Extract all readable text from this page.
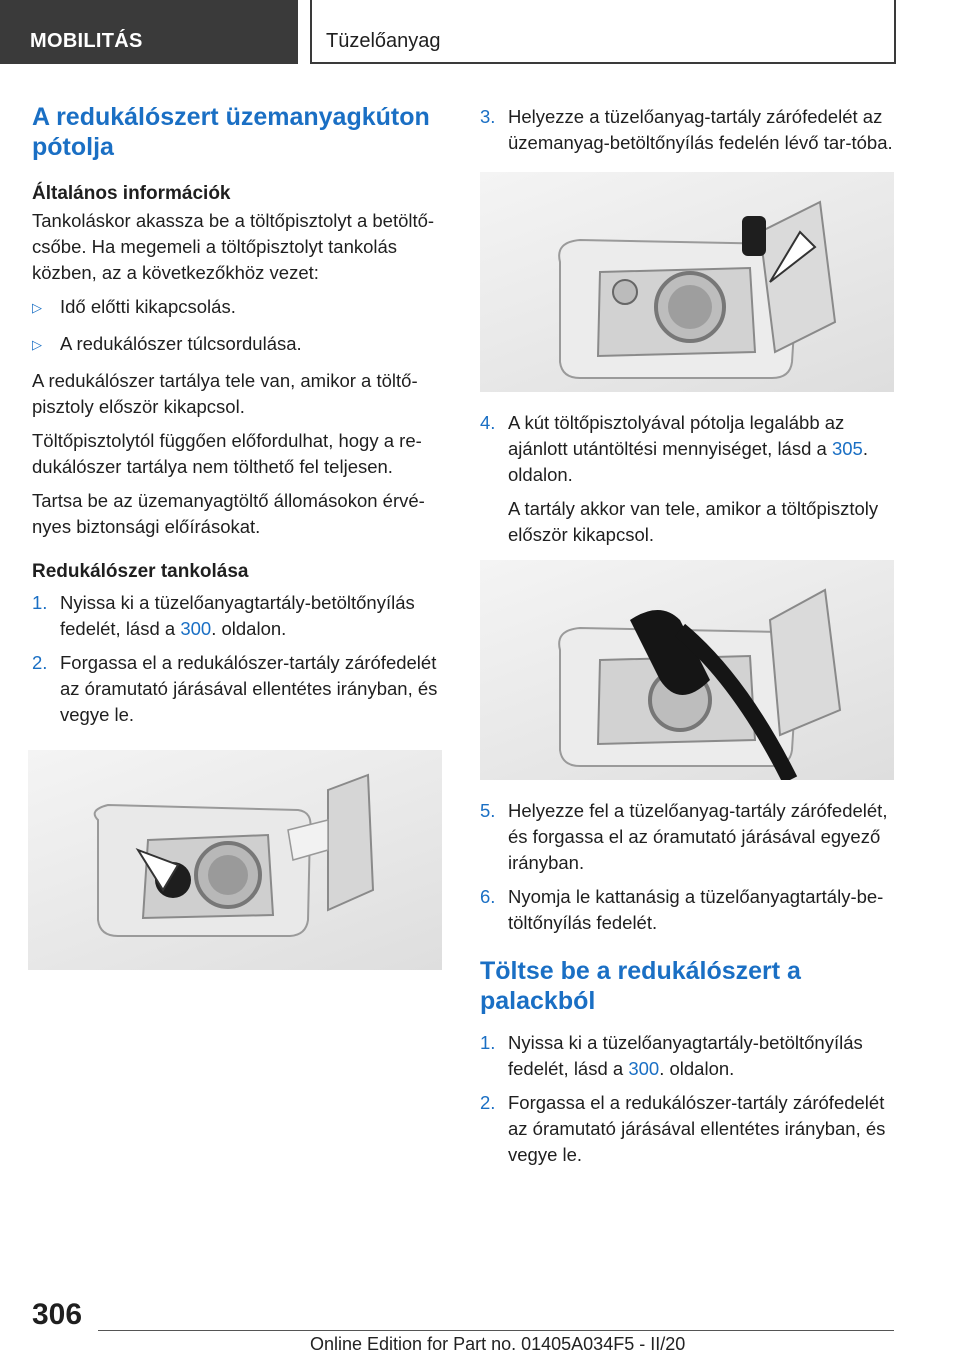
MOBILITÁS	Tüzelőanyag
A redukálószert üzemanyagkúton pótolja
Általános információk

Tankoláskor akassza be a töltőpisztolyt a betöltő-csőbe. Ha megemeli a töltőpisztolyt tankolás közben, az a következőkhöz vezet:

▷ Idő előtti kikapcsolás.
▷ A redukálószer túlcsordulása.

A redukálószer tartálya tele van, amikor a töltő-pisztoly először kikapcsol.

Töltőpisztolytól függően előfordulhat, hogy a re-dukálószer tartálya nem tölthető fel teljesen.

Tartsa be az üzemanyagtöltő állomásokon érvé-nyes biztonsági előírásokat.

Redukálószer tankolása
1. Nyissa ki a tüzelőanyagtartály-betöltőnyílás fedelét, lásd a 300. oldalon.
2. Forgassa el a redukálószer-tartály zárófedelét az óramutató járásával ellentétes irányban, és vegye le.
3. Helyezze a tüzelőanyag-tartály zárófedelét az üzemanyag-betöltőnyílás fedelén lévő tar-tóba.
4. A kút töltőpisztolyával pótolja legalább az ajánlott utántöltési mennyiséget, lásd a 305. oldalon.
A tartály akkor van tele, amikor a töltőpisztoly először kikapcsol.
5. Helyezze fel a tüzelőanyag-tartály zárófedelét, és forgassa el az óramutató járásával egyező irányban.
6. Nyomja le kattanásig a tüzelőanyagtartály-be-töltőnyílás fedelét.
Töltse be a redukálószert a palackból
1. Nyissa ki a tüzelőanyagtartály-betöltőnyílás fedelét, lásd a 300. oldalon.
2. Forgassa el a redukálószer-tartály zárófedelét az óramutató járásával ellentétes irányban, és vegye le.
306
Online Edition for Part no. 01405A034F5 - II/20
